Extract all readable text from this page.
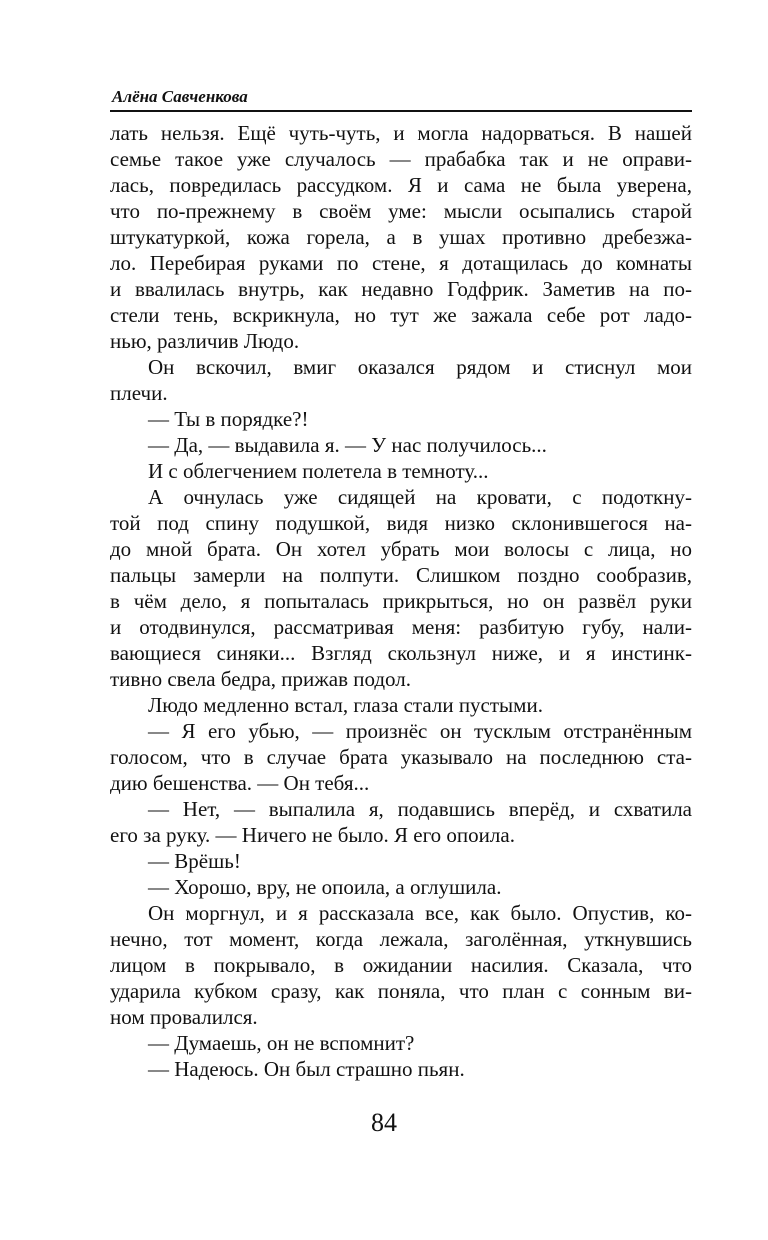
Алёна Савченкова
лать нельзя. Ещё чуть-чуть, и могла надорваться. В нашей
семье такое уже случалось — прабабка так и не оправи-
лась, повредилась рассудком. Я и сама не была уверена,
что по-прежнему в своём уме: мысли осыпались старой
штукатуркой, кожа горела, а в ушах противно дребезжа-
ло. Перебирая руками по стене, я дотащилась до комнаты
и ввалилась внутрь, как недавно Годфрик. Заметив на по-
стели тень, вскрикнула, но тут же зажала себе рот ладо-
нью, различив Людо.
Он вскочил, вмиг оказался рядом и стиснул мои
плечи.
— Ты в порядке?!
— Да, — выдавила я. — У нас получилось...
И с облегчением полетела в темноту...
А очнулась уже сидящей на кровати, с подоткну-
той под спину подушкой, видя низко склонившегося на-
до мной брата. Он хотел убрать мои волосы с лица, но
пальцы замерли на полпути. Слишком поздно сообразив,
в чём дело, я попыталась прикрыться, но он развёл руки
и отодвинулся, рассматривая меня: разбитую губу, нали-
вающиеся синяки... Взгляд скользнул ниже, и я инстинк-
тивно свела бедра, прижав подол.
Людо медленно встал, глаза стали пустыми.
— Я его убью, — произнёс он тусклым отстранённым
голосом, что в случае брата указывало на последнюю ста-
дию бешенства. — Он тебя...
— Нет, — выпалила я, подавшись вперёд, и схватила
его за руку. — Ничего не было. Я его опоила.
— Врёшь!
— Хорошо, вру, не опоила, а оглушила.
Он моргнул, и я рассказала все, как было. Опустив, ко-
нечно, тот момент, когда лежала, заголённая, уткнувшись
лицом в покрывало, в ожидании насилия. Сказала, что
ударила кубком сразу, как поняла, что план с сонным ви-
ном провалился.
— Думаешь, он не вспомнит?
— Надеюсь. Он был страшно пьян.
84
